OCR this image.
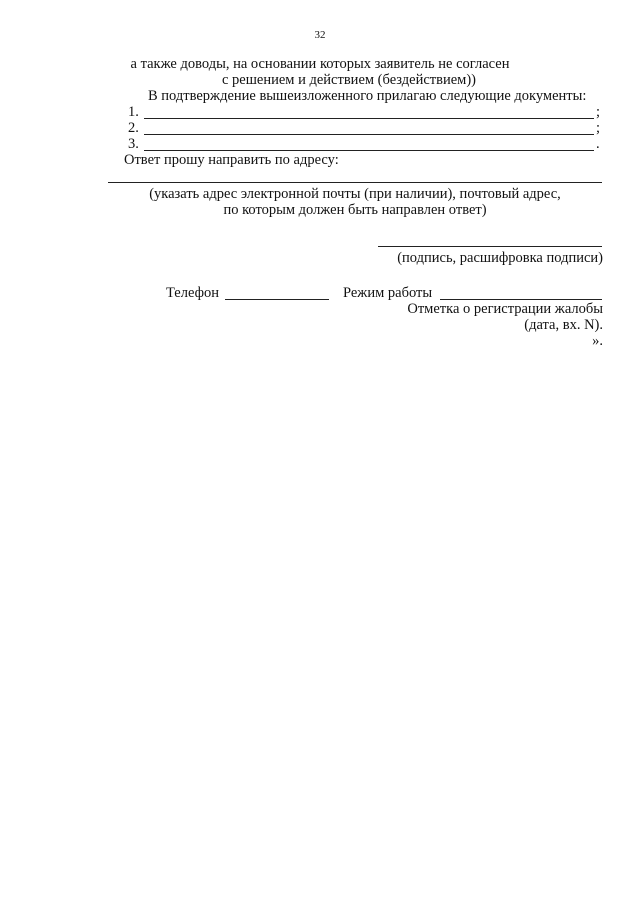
32
а также доводы, на основании которых заявитель не согласен
с решением и действием (бездействием))
В подтверждение вышеизложенного прилагаю следующие документы:
1.	;
2.	;
3.	.
Ответ прошу направить по адресу:
(указать адрес электронной почты (при наличии), почтовый адрес,
по которым должен быть направлен ответ)
(подпись, расшифровка подписи)
Телефон	Режим работы
Отметка о регистрации жалобы
(дата, вх. N).
».
